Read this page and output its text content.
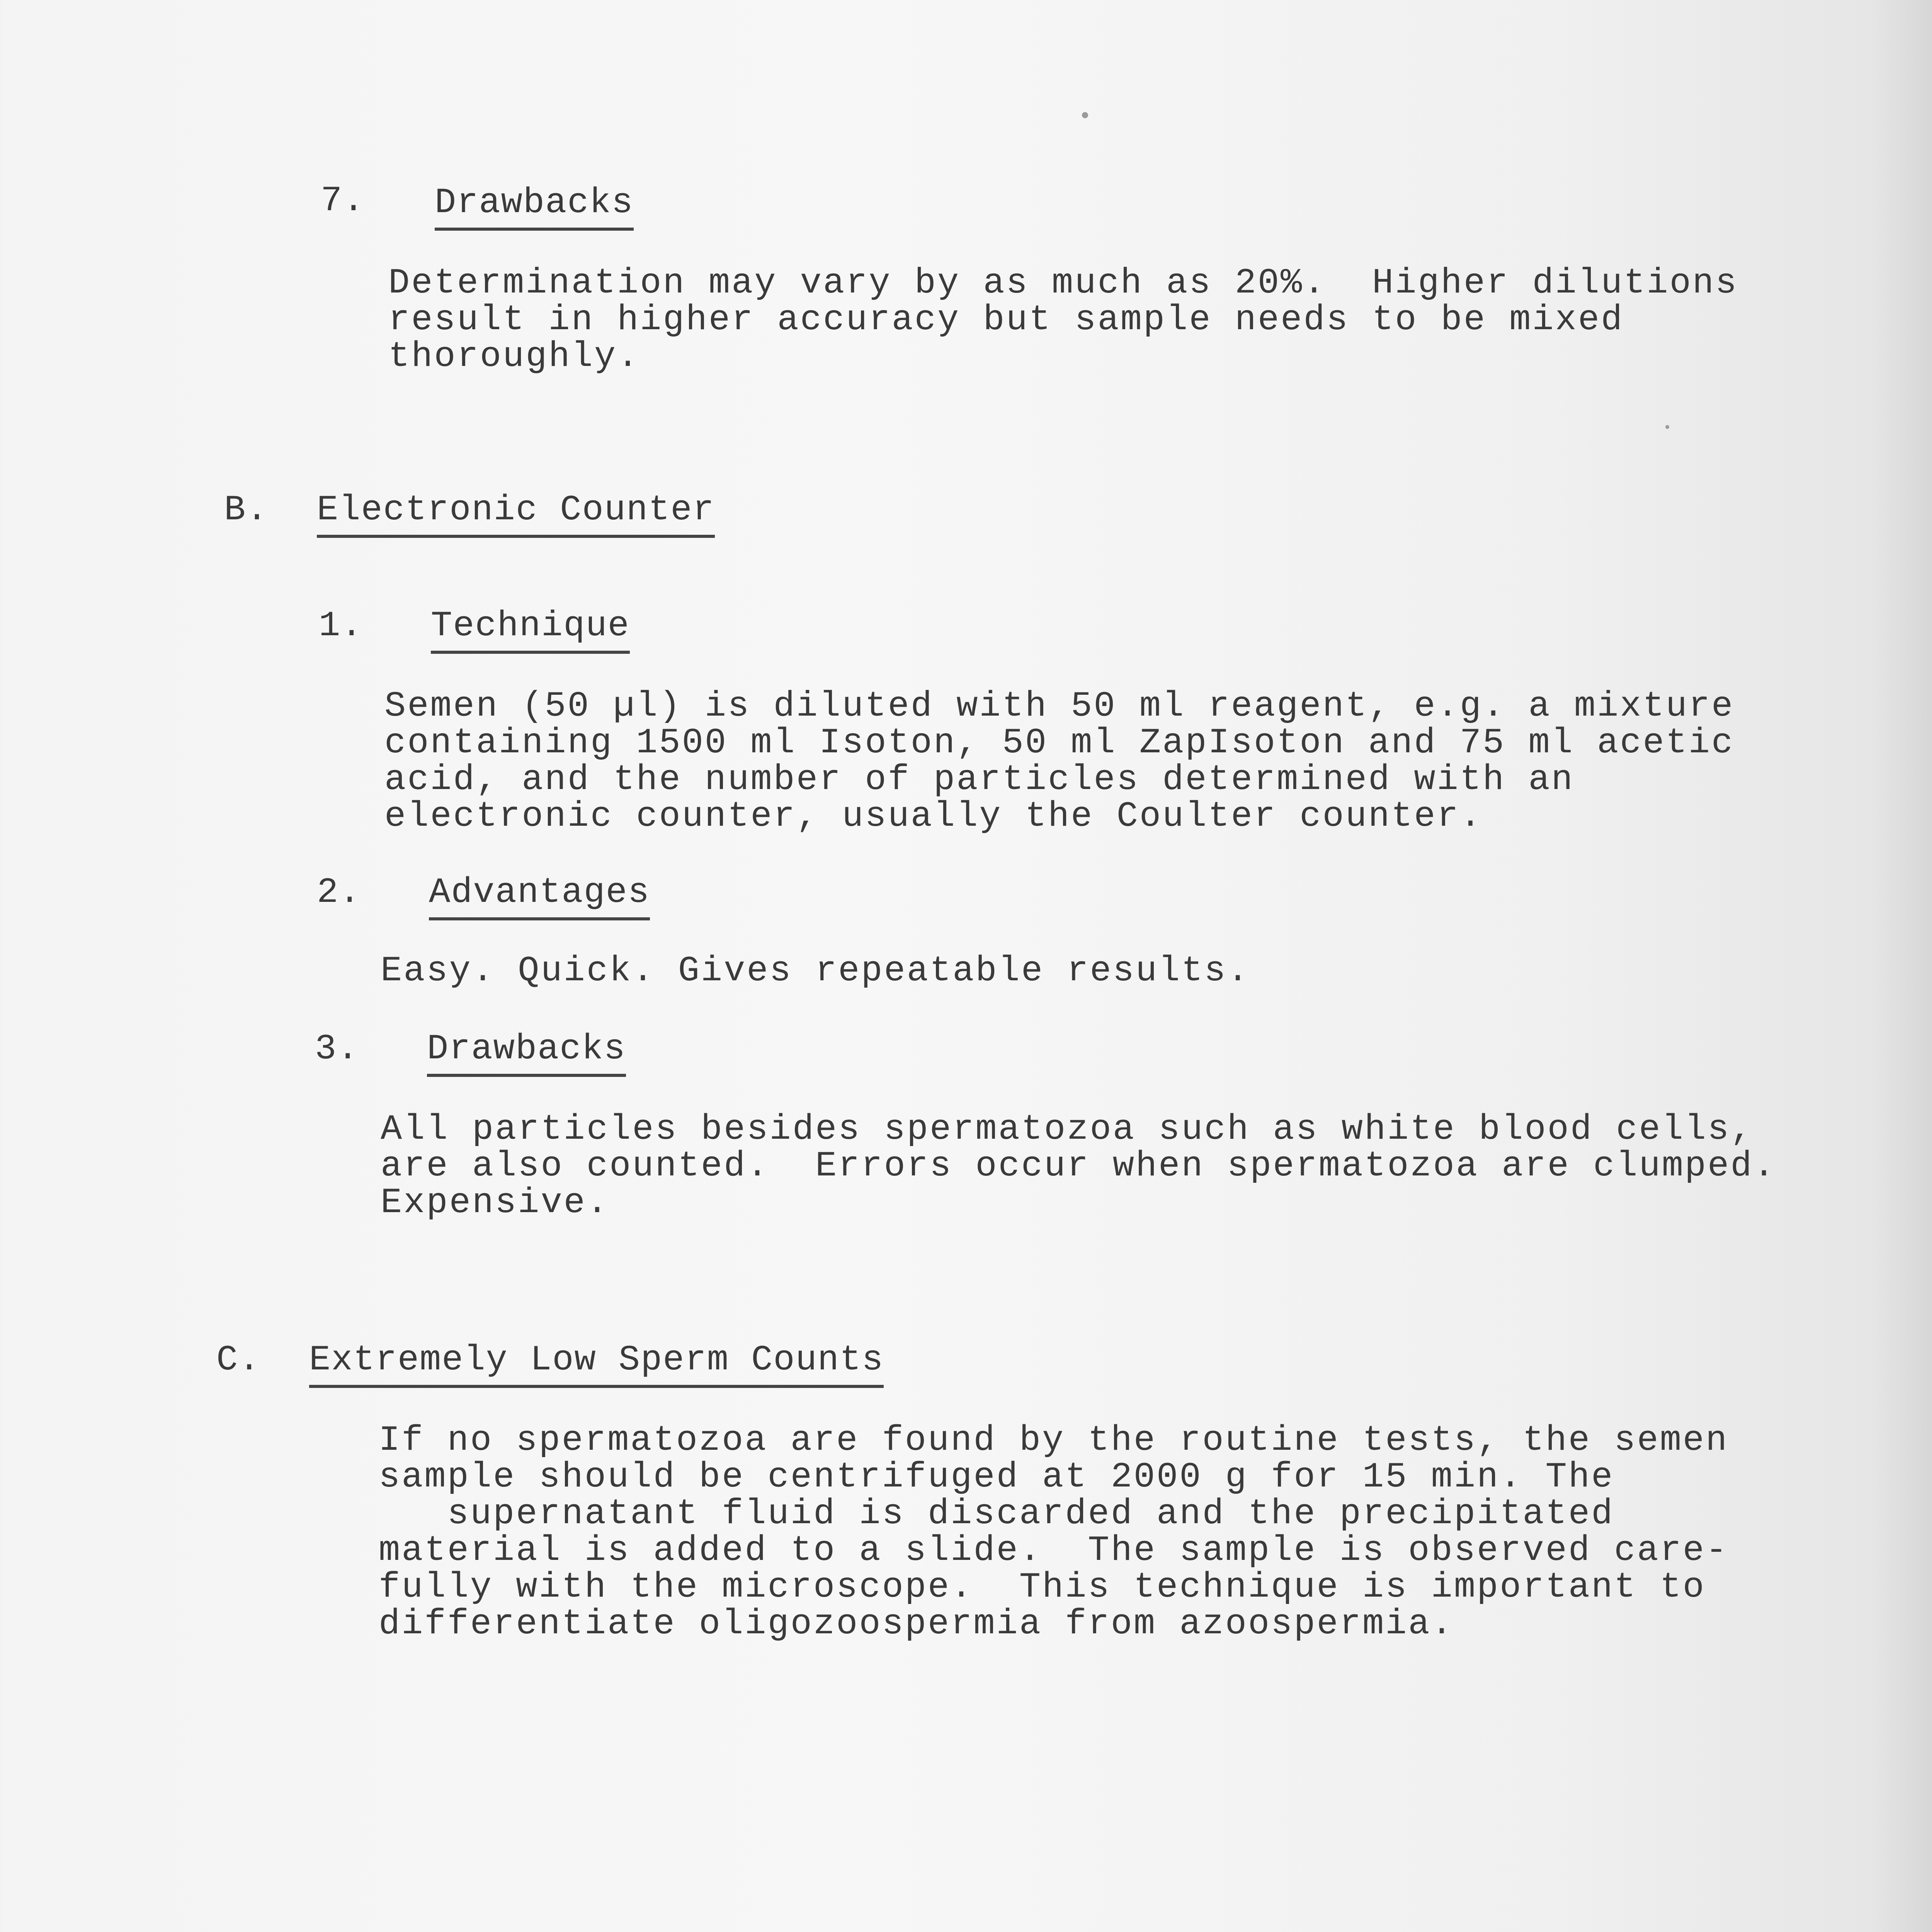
7. Drawbacks
Determination may vary by as much as 20%.  Higher dilutions
result in higher accuracy but sample needs to be mixed
thoroughly.
B. Electronic Counter
1. Technique
Semen (50 µl) is diluted with 50 ml reagent, e.g. a mixture
containing 1500 ml Isoton, 50 ml ZapIsoton and 75 ml acetic
acid, and the number of particles determined with an
electronic counter, usually the Coulter counter.
2. Advantages
Easy. Quick. Gives repeatable results.
3. Drawbacks
All particles besides spermatozoa such as white blood cells,
are also counted.  Errors occur when spermatozoa are clumped.
Expensive.
C. Extremely Low Sperm Counts
If no spermatozoa are found by the routine tests, the semen
sample should be centrifuged at 2000 g for 15 min. The
supernatant fluid is discarded and the precipitated
material is added to a slide.  The sample is observed care-
fully with the microscope.  This technique is important to
differentiate oligozoospermia from azoospermia.
